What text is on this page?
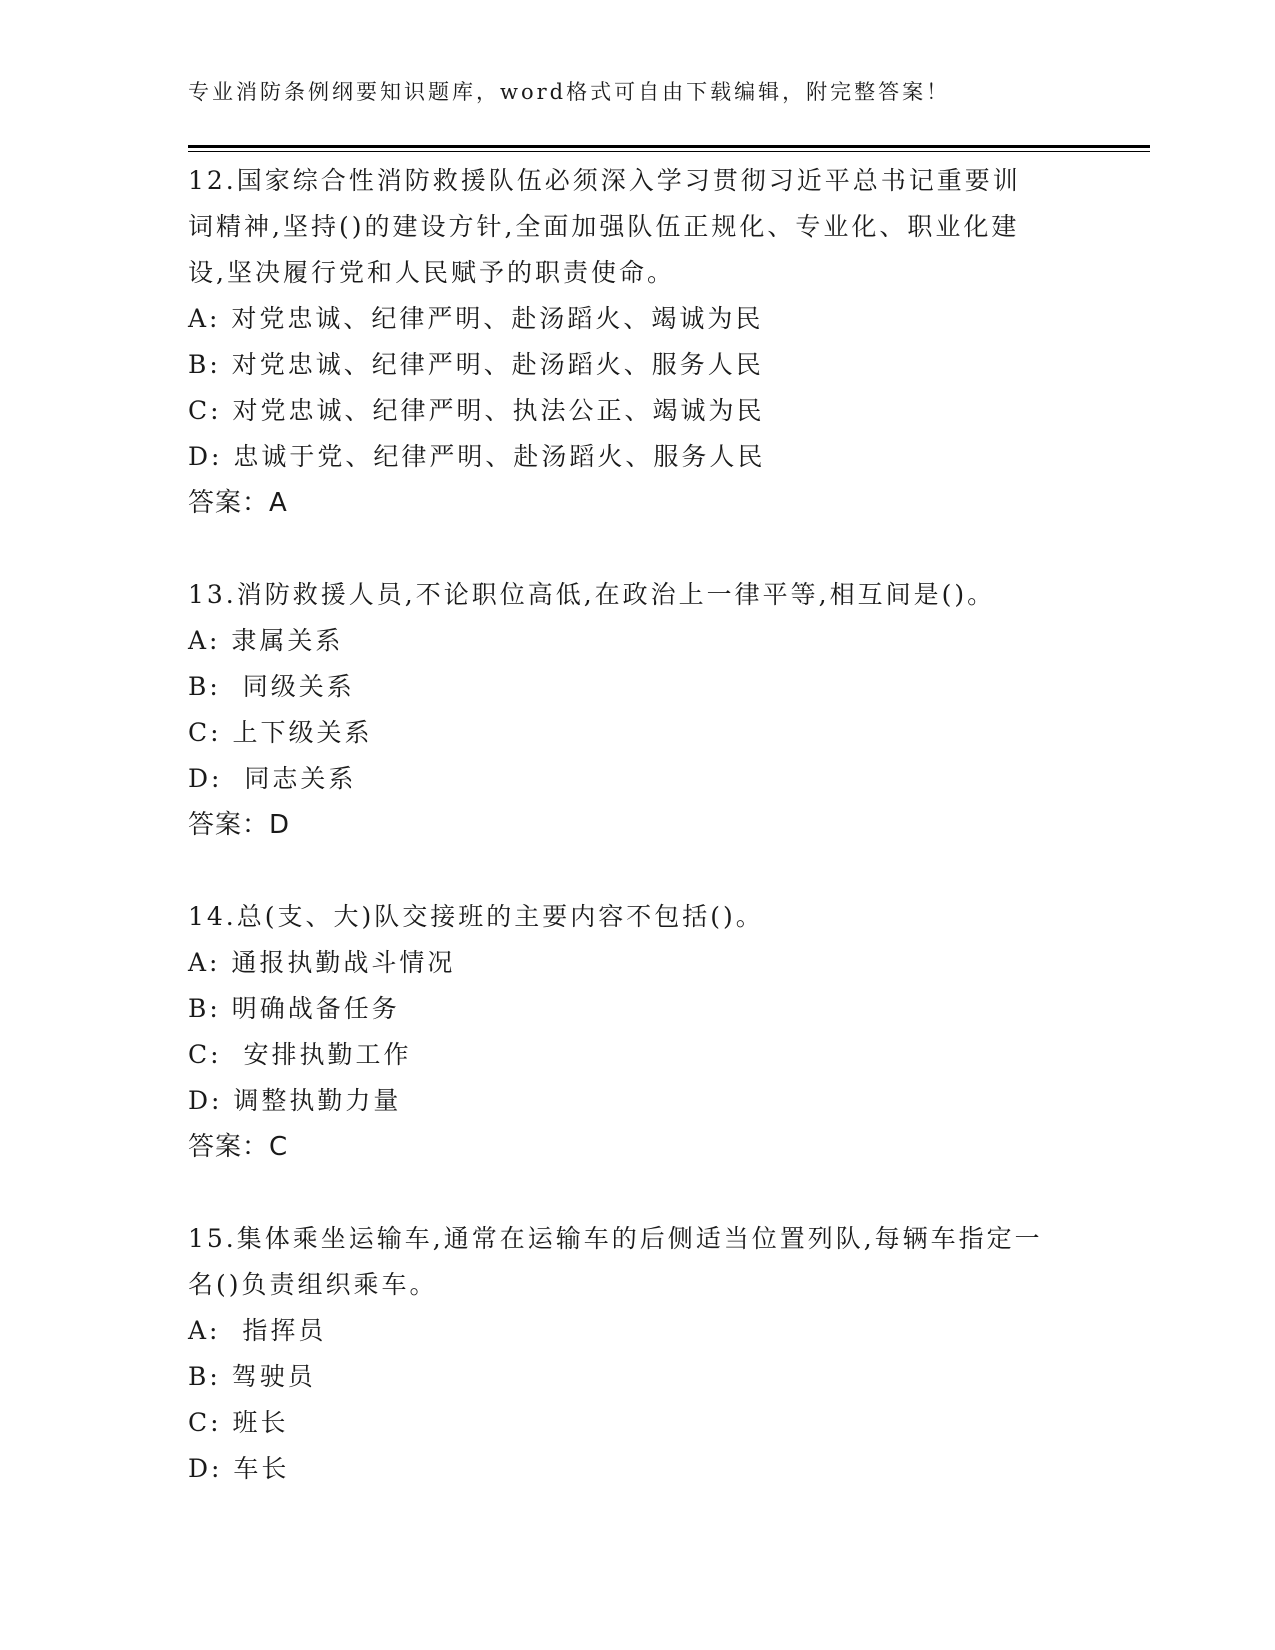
专业消防条例纲要知识题库，word格式可自由下载编辑，附完整答案！
12.国家综合性消防救援队伍必须深入学习贯彻习近平总书记重要训
词精神,坚持()的建设方针,全面加强队伍正规化、专业化、职业化建
设,坚决履行党和人民赋予的职责使命。
A: 对党忠诚、纪律严明、赴汤蹈火、竭诚为民
B: 对党忠诚、纪律严明、赴汤蹈火、服务人民
C: 对党忠诚、纪律严明、执法公正、竭诚为民
D: 忠诚于党、纪律严明、赴汤蹈火、服务人民
答案：A
13.消防救援人员,不论职位高低,在政治上一律平等,相互间是()。
A: 隶属关系
B:  同级关系
C: 上下级关系
D:  同志关系
答案：D
14.总(支、大)队交接班的主要内容不包括()。
A: 通报执勤战斗情况
B: 明确战备任务
C:  安排执勤工作
D: 调整执勤力量
答案：C
15.集体乘坐运输车,通常在运输车的后侧适当位置列队,每辆车指定一
名()负责组织乘车。
A:  指挥员
B: 驾驶员
C: 班长
D: 车长
